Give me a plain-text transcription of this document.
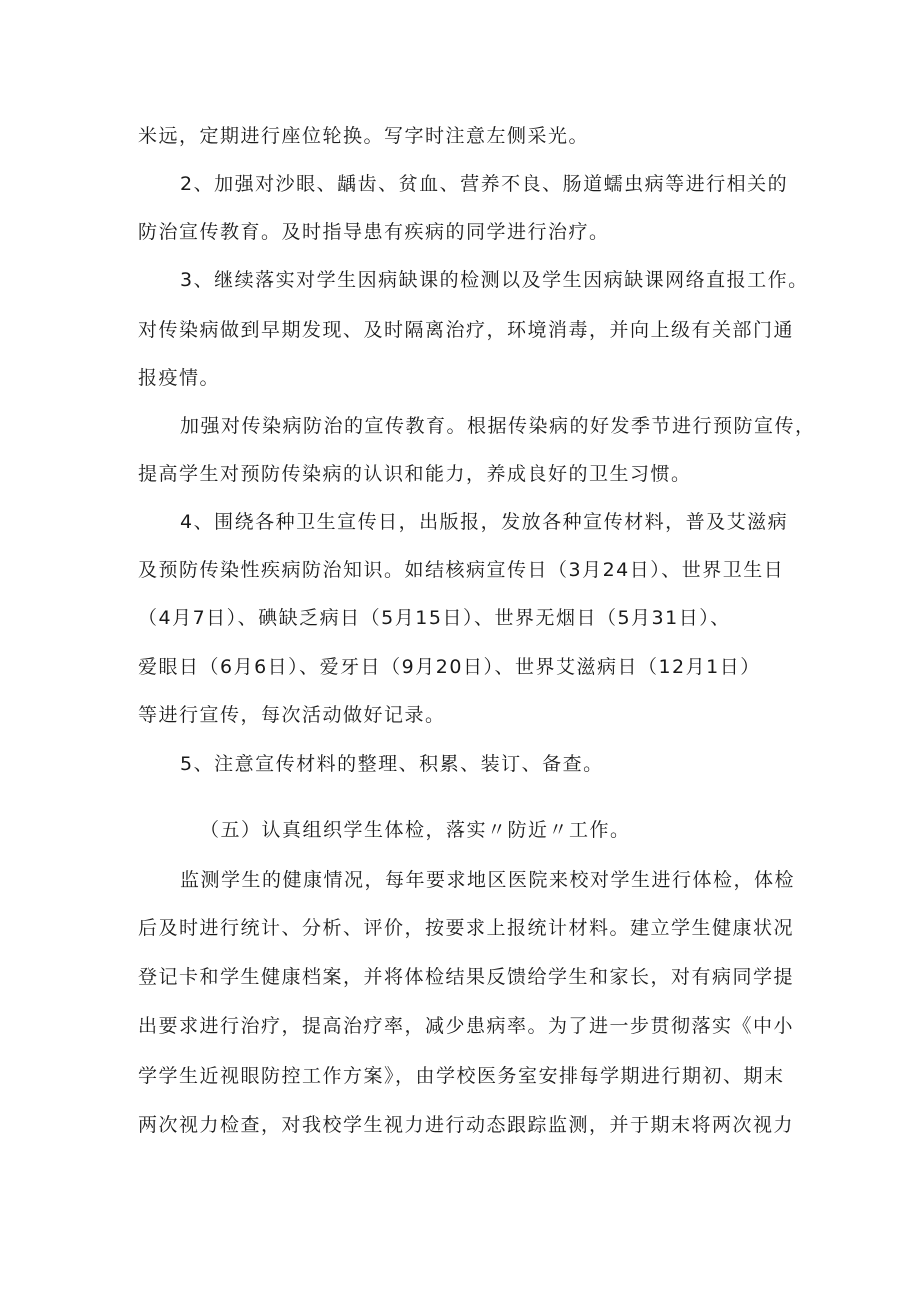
米远，定期进行座位轮换。写字时注意左侧采光。
2、加强对沙眼、龋齿、贫血、营养不良、肠道蠕虫病等进行相关的
防治宣传教育。及时指导患有疾病的同学进行治疗。
3、继续落实对学生因病缺课的检测以及学生因病缺课网络直报工作。
对传染病做到早期发现、及时隔离治疗，环境消毒，并向上级有关部门通
报疫情。
加强对传染病防治的宣传教育。根据传染病的好发季节进行预防宣传，
提高学生对预防传染病的认识和能力，养成良好的卫生习惯。
4、围绕各种卫生宣传日，出版报，发放各种宣传材料，普及艾滋病
及预防传染性疾病防治知识。如结核病宣传日（3月24日）、世界卫生日
（4月7日）、碘缺乏病日（5月15日）、世界无烟日（5月31日）、
爱眼日（6月6日）、爱牙日（9月20日）、世界艾滋病日（12月1日）
等进行宣传，每次活动做好记录。
5、注意宣传材料的整理、积累、装订、备查。
（五）认真组织学生体检，落实〃防近〃工作。
监测学生的健康情况，每年要求地区医院来校对学生进行体检，体检
后及时进行统计、分析、评价，按要求上报统计材料。建立学生健康状况
登记卡和学生健康档案，并将体检结果反馈给学生和家长，对有病同学提
出要求进行治疗，提高治疗率，减少患病率。为了进一步贯彻落实《中小
学学生近视眼防控工作方案》，由学校医务室安排每学期进行期初、期末
两次视力检查，对我校学生视力进行动态跟踪监测，并于期末将两次视力
